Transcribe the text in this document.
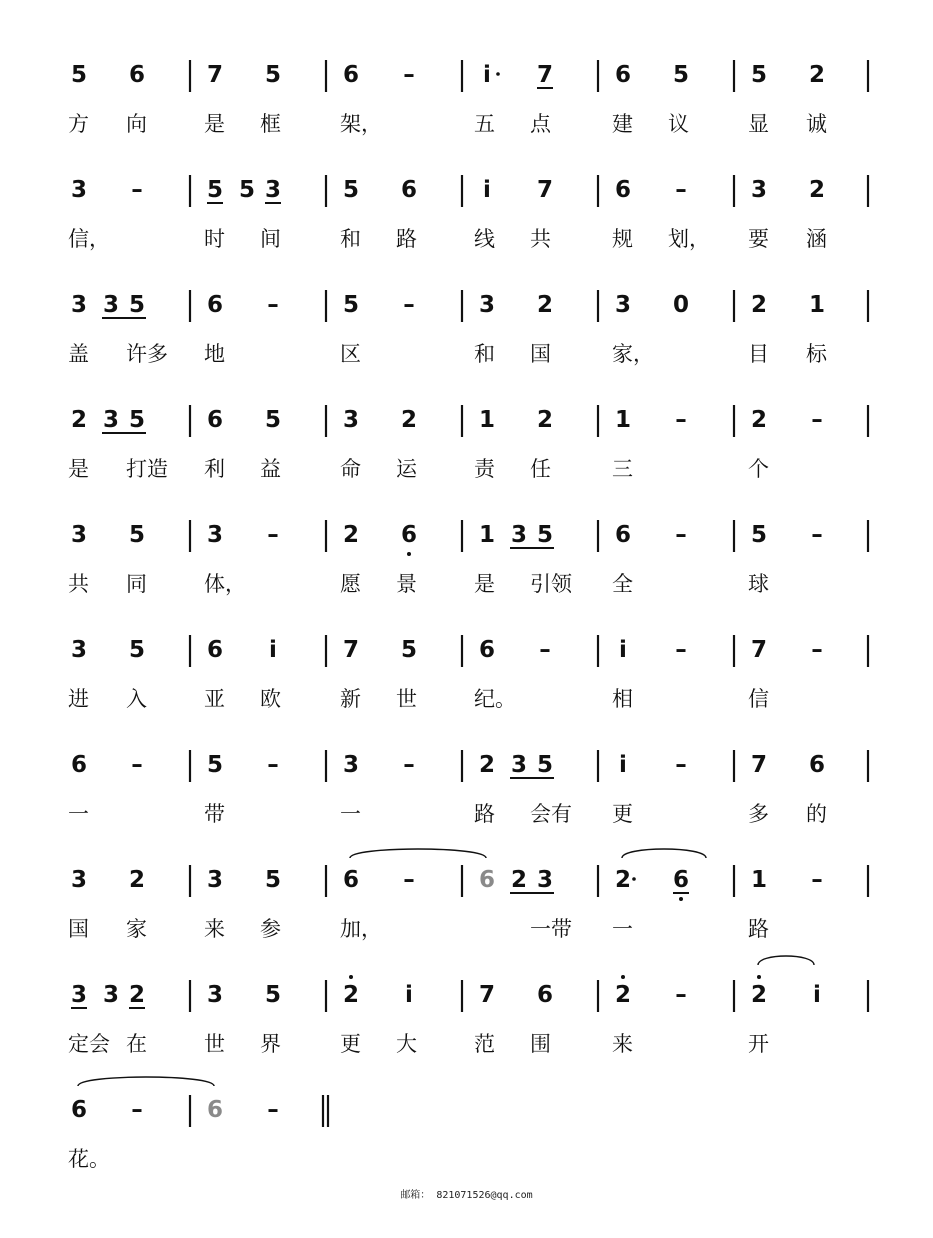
5 6	7 5	6 –	i 7	6 5	5 2
方 向	是 框	架，	五 点	建 议	显 诚
3 –	5 5 3	5 6	i 7	6 –	3 2
信，	时 间	和 路	线 共	规 划， 要 涵
3 3 5	6 –	5 –	3 2	3 0	2 1
盖 许多 地	区	和 国	家，	目 标
2 3 5	6 5	3 2	1 2	1 –	2 –
是 打造 利 益	命 运	责 任	三	个
3 5	3 –	2 6	1 3 5	6 –	5 –
共 同	体，	愿 景	是 引领 全	球
3 5	6 i	7 5	6 –	i –	7 –
进 入	亚 欧	新 世	纪。	相	信
6 –	5 –	3 –	2 3 5	i –	7 6
一	带	一	路 会有 更	多 的
3 2	3 5	6 –	6 2 3	2 6	1 –
国 家	来 参	加，	一带 一	路
3 3 2	3 5	2 i	7 6	2 –	2 i
定会 在	世 界	更 大	范 围	来	开
6 –	6 –
花。
邮箱： 821071526@qq.com
